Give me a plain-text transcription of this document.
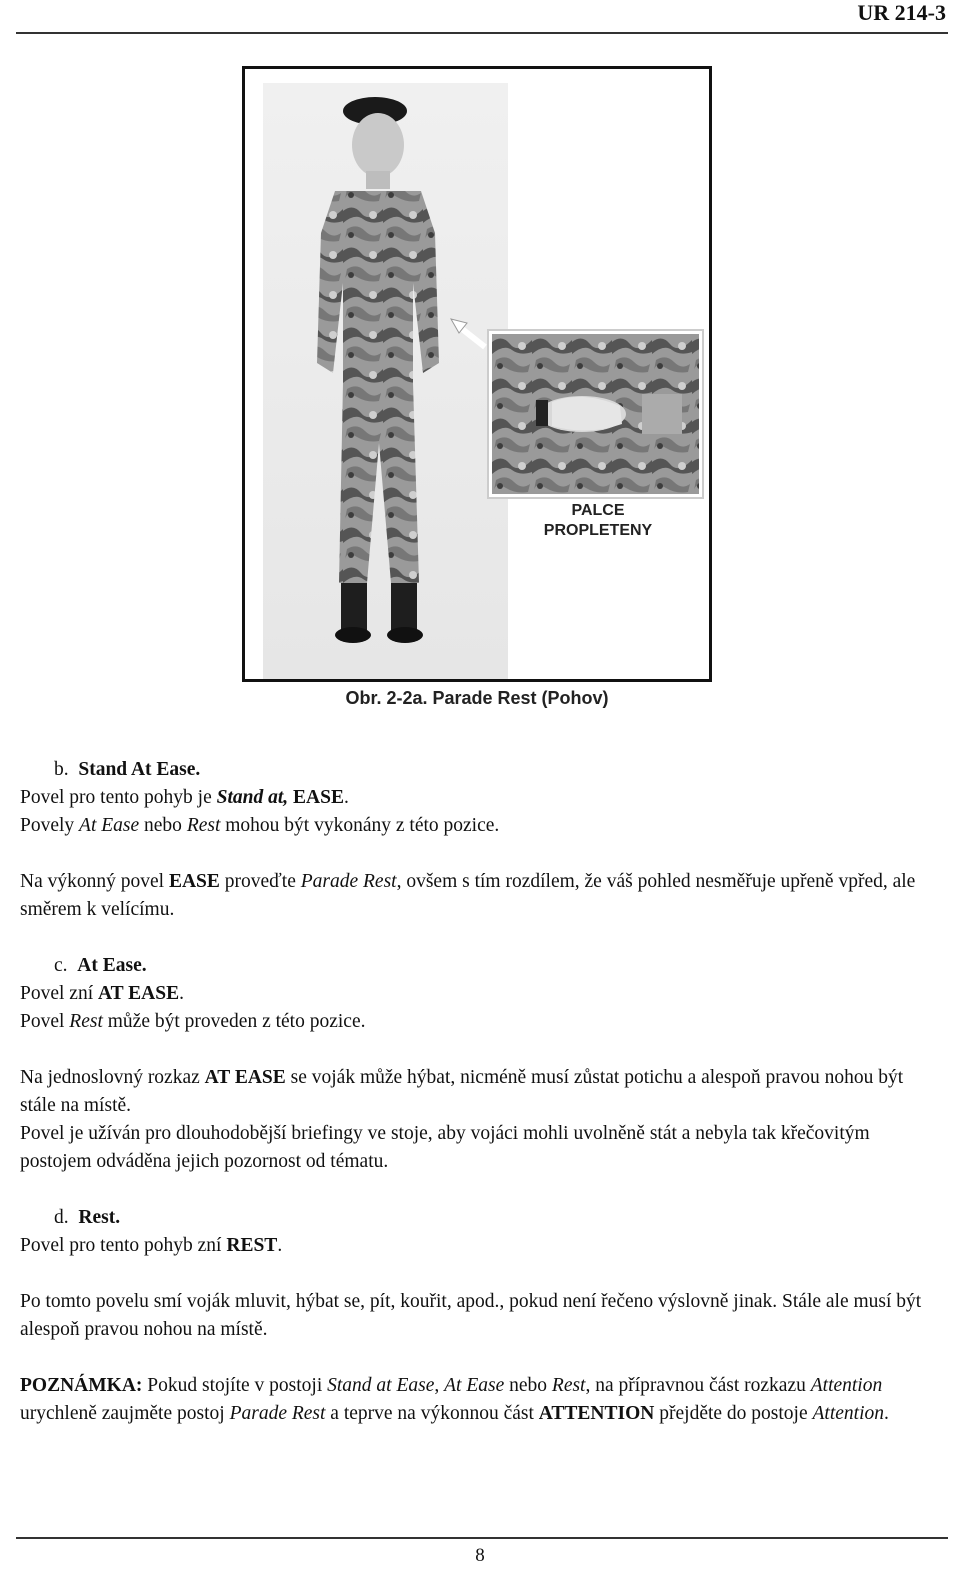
UR 214-3
PALCE
PROPLETENY
Obr. 2-2a. Parade Rest (Pohov)

b. Stand At Ease.

Povel pro tento pohyb je Stand at, EASE.

Povely At Ease nebo Rest mohou být vykonány z této pozice.

Na výkonný povel EASE proveďte Parade Rest, ovšem s tím rozdílem, že váš pohled nesměřuje upřeně vpřed, ale směrem k velícímu.

c. At Ease.

Povel zní AT EASE.

Povel Rest může být proveden z této pozice.

Na jednoslovný rozkaz AT EASE se voják může hýbat, nicméně musí zůstat potichu a alespoň pravou nohou být stále na místě.

Povel je užíván pro dlouhodobější briefingy ve stoje, aby vojáci mohli uvolněně stát a nebyla tak křečovitým postojem odváděna jejich pozornost od tématu.

d. Rest.

Povel pro tento pohyb zní REST.

Po tomto povelu smí voják mluvit, hýbat se, pít, kouřit, apod., pokud není řečeno výslovně jinak. Stále ale musí být alespoň pravou nohou na místě.

POZNÁMKA: Pokud stojíte v postoji Stand at Ease, At Ease nebo Rest, na přípravnou část rozkazu Attention urychleně zaujměte postoj Parade Rest a teprve na výkonnou část ATTENTION přejděte do postoje Attention.

8
